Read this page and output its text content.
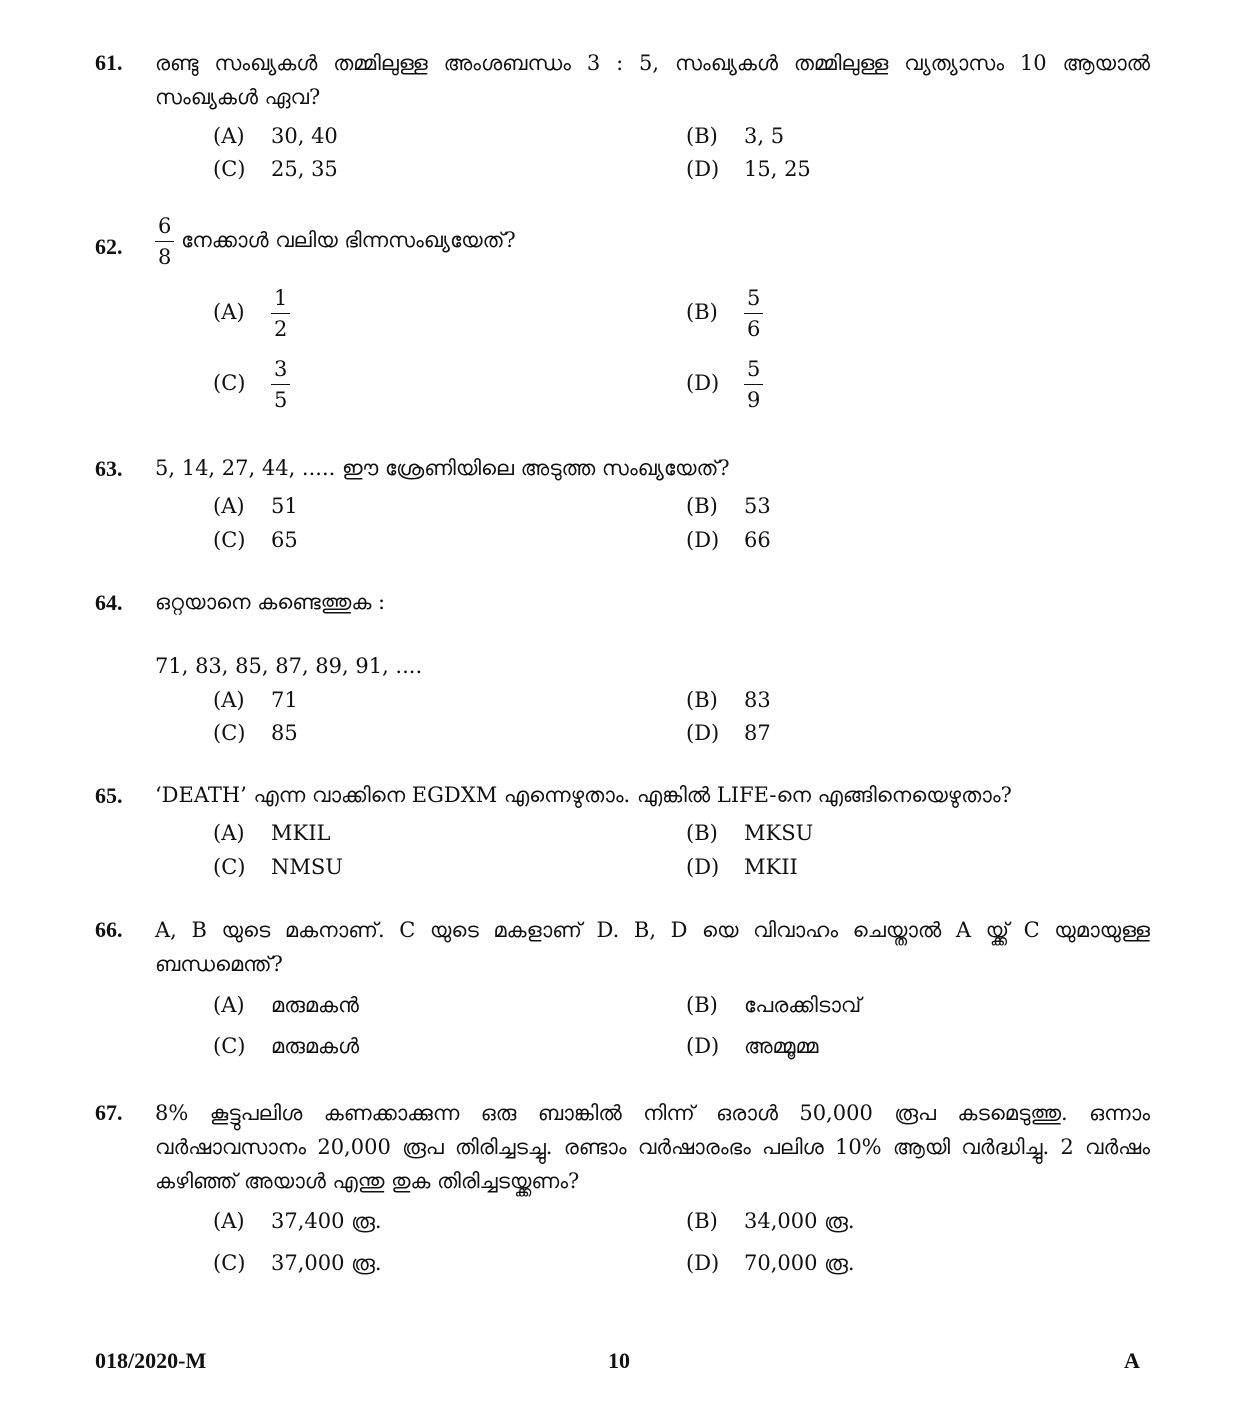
61. രണ്ടു സംഖ്യകൾ തമ്മിലുള്ള അംശബന്ധം 3 : 5, സംഖ്യകൾ തമ്മിലുള്ള വ്യത്യാസം 10 ആയാൽ സംഖ്യകൾ ഏവ?
(A) 30, 40	(B) 3, 5
(C) 25, 35	(D) 15, 25
62. $\frac{6}{8}$ നേക്കാൾ വലിയ ഭിന്നസംഖ്യയേത്?
$(A) \frac{1}{2}$	$(B) \frac{5}{6}$
$(C) \frac{3}{5}$	$(D) \frac{5}{9}$
63. 5, 14, 27, 44, ..... ഈ ശ്രേണിയിലെ അടുത്ത സംഖ്യയേത്?
(A) 51	(B) 53
(C) 65	(D) 66
64. ഒറ്റയാനെ കണ്ടെത്തുക :
71, 83, 85, 87, 89, 91, ....
(A) 71	(B) 83
(C) 85	(D) 87
65. ‘DEATH’ എന്ന വാക്കിനെ EGDXM എന്നെഴുതാം. എങ്കിൽ LIFE-നെ എങ്ങിനെയെഴുതാം?
(A) MKIL	(B) MKSU
(C) NMSU	(D) MKII
66. A, B യുടെ മകനാണ്. C യുടെ മകളാണ് D. B, D യെ വിവാഹം ചെയ്താൽ A യ്ക്ക് C യുമായുള്ള ബന്ധമെന്ത്?
(A) മരുമകൻ	(B) പേരക്കിടാവ്
(C) മരുമകൾ	(D) അമ്മൂമ്മ
67. 8% കൂട്ടുപലിശ കണക്കാക്കുന്ന ഒരു ബാങ്കിൽ നിന്ന് ഒരാൾ 50,000 രൂപ കടമെടുത്തു. ഒന്നാം വർഷാവസാനം 20,000 രൂപ തിരിച്ചടച്ചു. രണ്ടാം വർഷാരംഭം പലിശ 10% ആയി വർദ്ധിച്ചു. 2 വർഷം കഴിഞ്ഞ് അയാൾ എന്തു തുക തിരിച്ചടയ്ക്കണം?
(A) 37,400 രൂ.	(B) 34,000 രൂ.
(C) 37,000 രൂ.	(D) 70,000 രൂ.
018/2020-M	10	A
